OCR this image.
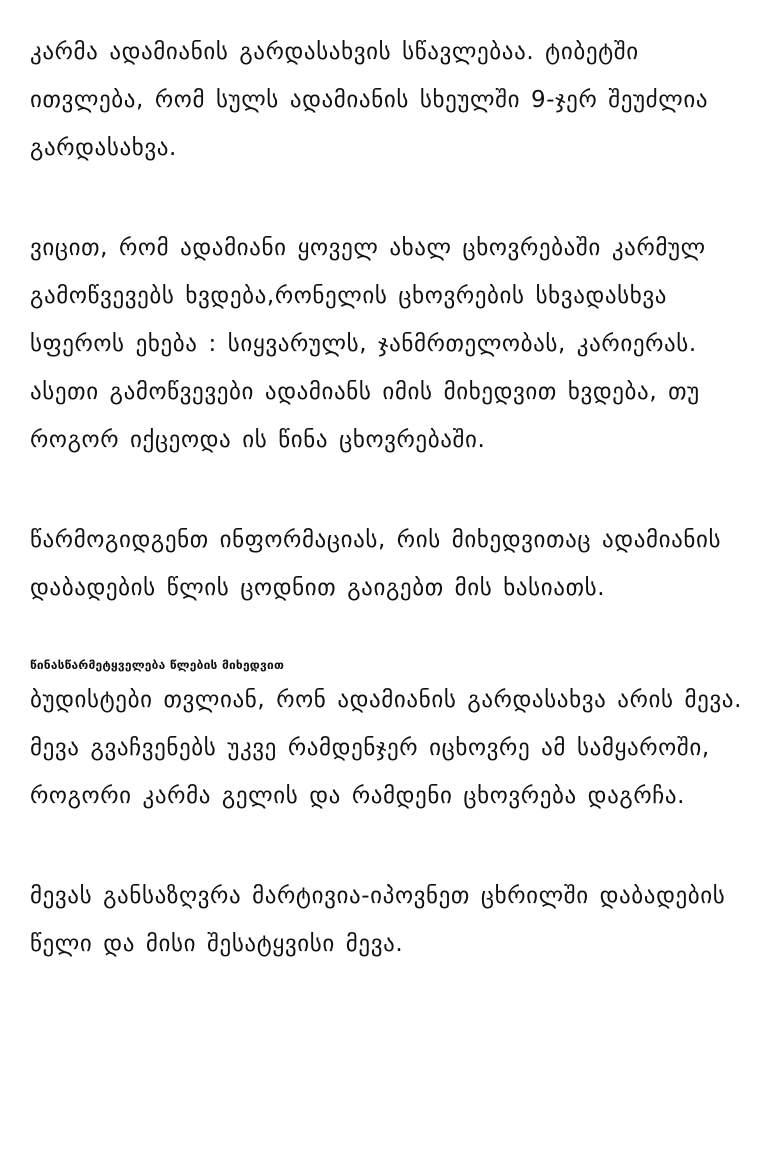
კარმა ადამიანის გარდასახვის სწავლებაა. ტიბეტში ითვლება, რომ სულს ადამიანის სხეულში 9-ჯერ შეუძლია გარდასახვა.

ვიცით, რომ ადამიანი ყოველ ახალ ცხოვრებაში კარმულ გამოწვევებს ხვდება,რონელის ცხოვრების სხვადასხვა სფეროს ეხება : სიყვარულს, ჯანმრთელობას, კარიერას. ასეთი გამოწვევები ადამიანს იმის მიხედვით ხვდება, თუ როგორ იქცეოდა ის წინა ცხოვრებაში.

წარმოგიდგენთ ინფორმაციას, რის მიხედვითაც ადამიანის დაბადების წლის ცოდნით გაიგებთ მის ხასიათს.

წინასწარმეტყველება წლების მიხედვით

ბუდისტები თვლიან, რონ ადამიანის გარდასახვა არის მევა. მევა გვაჩვენებს უკვე რამდენჯერ იცხოვრე ამ სამყაროში, როგორი კარმა გელის და რამდენი ცხოვრება დაგრჩა.

მევას განსაზღვრა მარტივია-იპოვნეთ ცხრილში დაბადების წელი და მისი შესატყვისი მევა.
